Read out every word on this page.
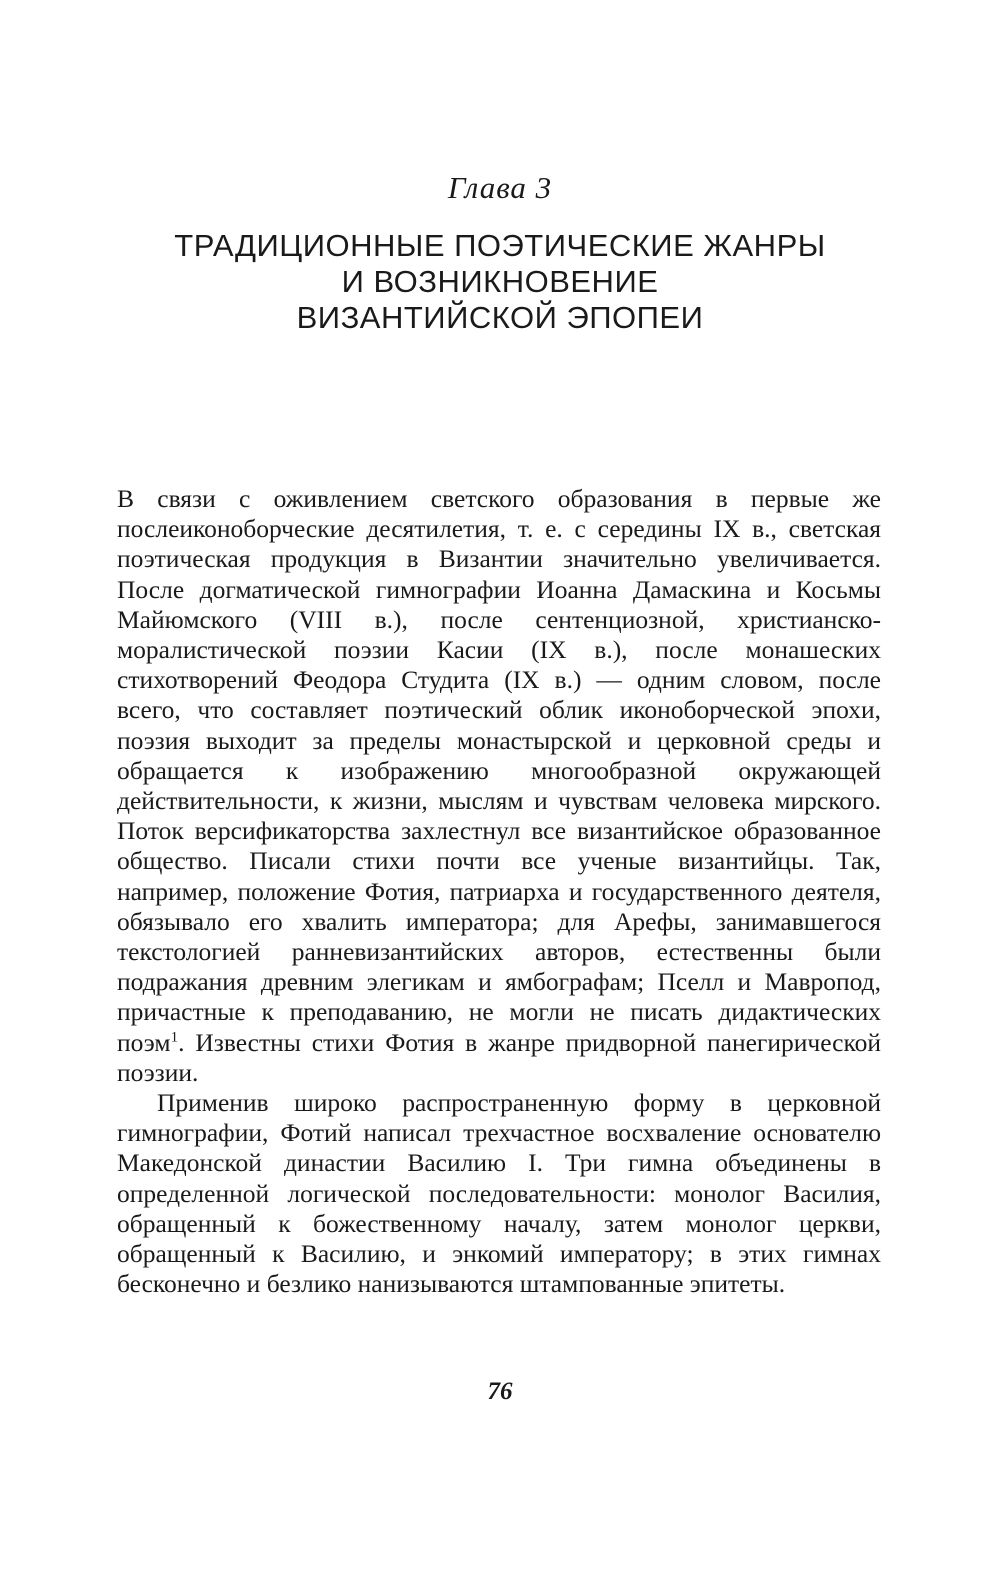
Глава 3
ТРАДИЦИОННЫЕ ПОЭТИЧЕСКИЕ ЖАНРЫ
И ВОЗНИКНОВЕНИЕ
ВИЗАНТИЙСКОЙ ЭПОПЕИ

В связи с оживлением светского образования в первые же послеиконоборческие десятилетия, т. е. с середины IX в., светская поэтическая продукция в Византии значительно увеличивается. После догматической гимнографии Иоанна Дамаскина и Косьмы Майюмского (VIII в.), после сентенциозной, христианско-моралистической поэзии Касии (IX в.), после монашеских стихотворений Феодора Студита (IX в.) — одним словом, после всего, что составляет поэтический облик иконоборческой эпохи, поэзия выходит за пределы монастырской и церковной среды и обращается к изображению многообразной окружающей действительности, к жизни, мыслям и чувствам человека мирского. Поток версификаторства захлестнул все византийское образованное общество. Писали стихи почти все ученые византийцы. Так, например, положение Фотия, патриарха и государственного деятеля, обязывало его хвалить императора; для Арефы, занимавшегося текстологией ранневизантийских авторов, естественны были подражания древним элегикам и ямбографам; Пселл и Мавропод, причастные к преподаванию, не могли не писать дидактических поэм$^1$. Известны стихи Фотия в жанре придворной панегирической поэзии.

Применив широко распространенную форму в церковной гимнографии, Фотий написал трехчастное восхваление основателю Македонской династии Василию I. Три гимна объединены в определенной логической последовательности: монолог Василия, обращенный к божественному началу, затем монолог церкви, обращенный к Василию, и энкомий императору; в этих гимнах бесконечно и безлико нанизываются штампованные эпитеты.

76
